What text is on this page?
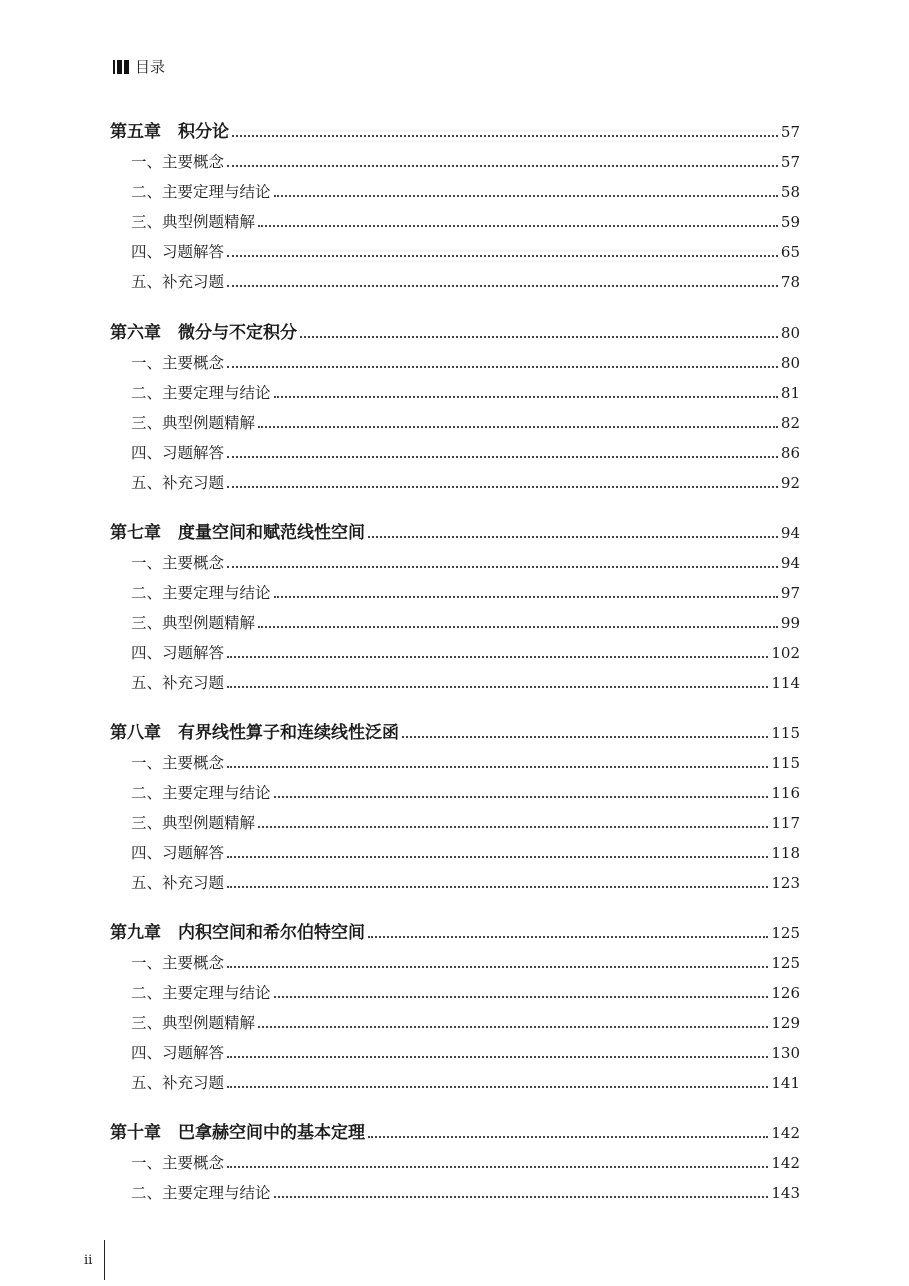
目录
第五章　积分论	57
一、主要概念	57
二、主要定理与结论	58
三、典型例题精解	59
四、习题解答	65
五、补充习题	78
第六章　微分与不定积分	80
一、主要概念	80
二、主要定理与结论	81
三、典型例题精解	82
四、习题解答	86
五、补充习题	92
第七章　度量空间和赋范线性空间	94
一、主要概念	94
二、主要定理与结论	97
三、典型例题精解	99
四、习题解答	102
五、补充习题	114
第八章　有界线性算子和连续线性泛函	115
一、主要概念	115
二、主要定理与结论	116
三、典型例题精解	117
四、习题解答	118
五、补充习题	123
第九章　内积空间和希尔伯特空间	125
一、主要概念	125
二、主要定理与结论	126
三、典型例题精解	129
四、习题解答	130
五、补充习题	141
第十章　巴拿赫空间中的基本定理	142
一、主要概念	142
二、主要定理与结论	143
ii
